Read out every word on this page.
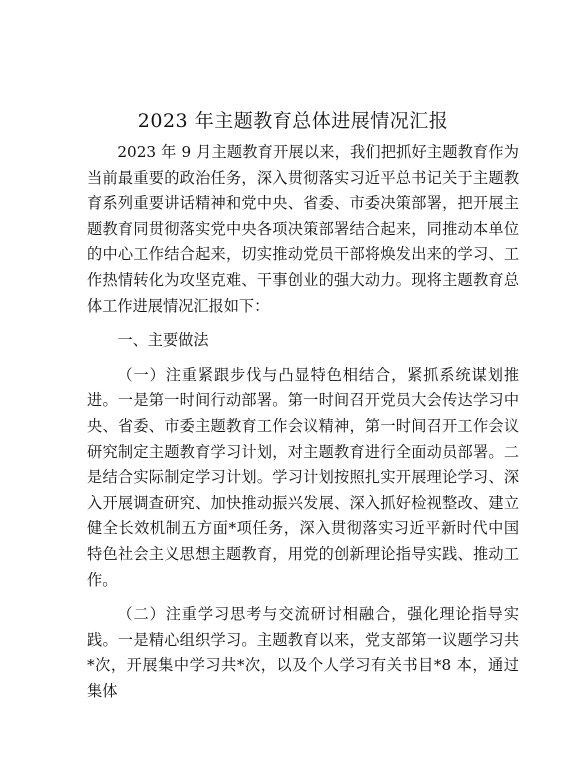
2023 年主题教育总体进展情况汇报

2023 年 9 月主题教育开展以来，我们把抓好主题教育作为当前最重要的政治任务，深入贯彻落实习近平总书记关于主题教育系列重要讲话精神和党中央、省委、市委决策部署，把开展主题教育同贯彻落实党中央各项决策部署结合起来，同推动本单位的中心工作结合起来，切实推动党员干部将焕发出来的学习、工作热情转化为攻坚克难、干事创业的强大动力。现将主题教育总体工作进展情况汇报如下：

一、主要做法

（一）注重紧跟步伐与凸显特色相结合，紧抓系统谋划推进。一是第一时间行动部署。第一时间召开党员大会传达学习中央、省委、市委主题教育工作会议精神，第一时间召开工作会议研究制定主题教育学习计划，对主题教育进行全面动员部署。二是结合实际制定学习计划。学习计划按照扎实开展理论学习、深入开展调查研究、加快推动振兴发展、深入抓好检视整改、建立健全长效机制五方面*项任务，深入贯彻落实习近平新时代中国特色社会主义思想主题教育，用党的创新理论指导实践、推动工作。

（二）注重学习思考与交流研讨相融合，强化理论指导实践。一是精心组织学习。主题教育以来，党支部第一议题学习共*次，开展集中学习共*次，以及个人学习有关书目*8 本，通过集体
